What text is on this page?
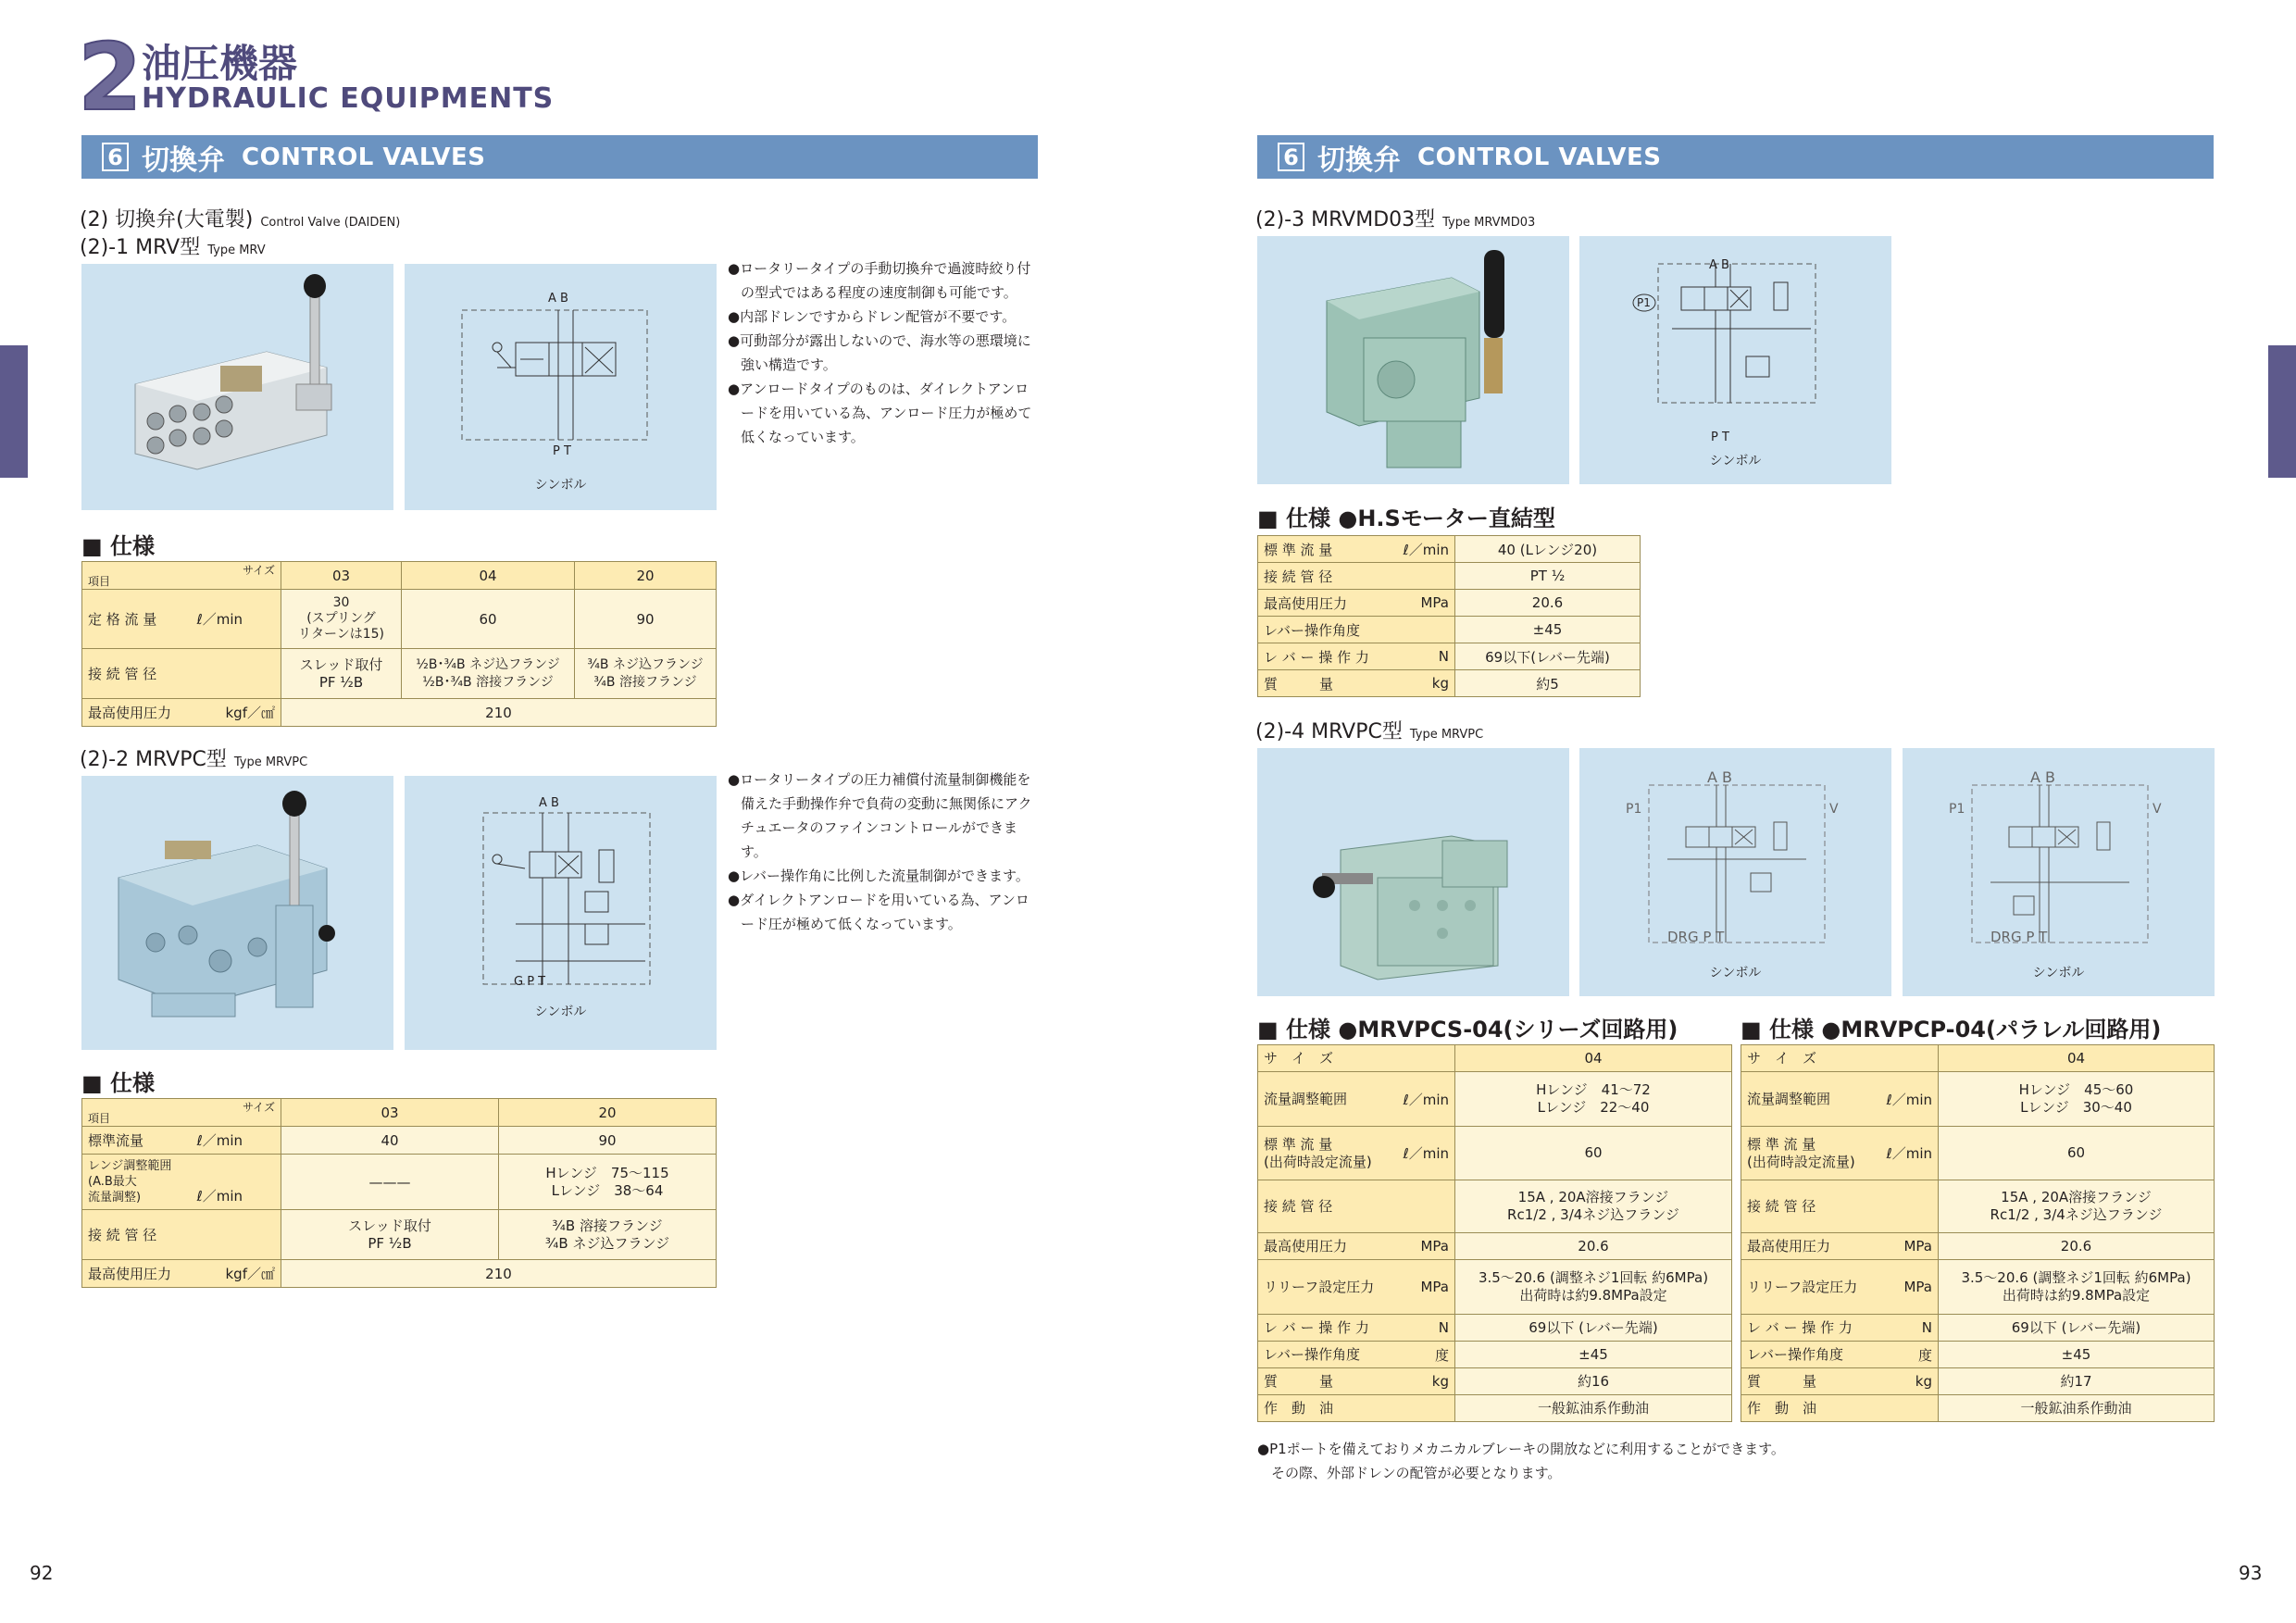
2 油圧機器
HYDRAULIC EQUIPMENTS
6 切換弁 CONTROL VALVES	6 切換弁 CONTROL VALVES
(2) 切換弁(大電製) Control Valve (DAIDEN)
(2)-1 MRV型 Type MRV
A B
P T
シンボル

●ロータリータイプの手動切換弁で過渡時絞り付の型式ではある程度の速度制御も可能です。

●内部ドレンですからドレン配管が不要です。

●可動部分が露出しないので、海水等の悪環境に強い構造です。

●アンロードタイプのものは、ダイレクトアンロードを用いている為、アンロード圧力が極めて低くなっています。

■ 仕様
サイズ
項目	03	04	20

定 格 流 量 ℓ／min	30
(スプリング
リターンは15)	60	90
接 続 管 径	スレッド取付
PF ½B	½B･¾B ネジ込フランジ
½B･¾B 溶接フランジ	¾B ネジ込フランジ
¾B 溶接フランジ

最高使用圧力 kgf／㎠	210		
(2)-2 MRVPC型 Type MRVPC
A B
G P T
シンボル

●ロータリータイプの圧力補償付流量制御機能を備えた手動操作弁で負荷の変動に無関係にアクチュエータのファインコントロールができます。

●レバー操作角に比例した流量制御ができます。

●ダイレクトアンロードを用いている為、アンロード圧が極めて低くなっています。

■ 仕様
サイズ
項目	03	20

標準流量 ℓ／min	40	90

レンジ調整範囲
(A.B最大
流量調整) ℓ／min	———	Hレンジ　75〜115
Lレンジ　38〜64
接 続 管 径	スレッド取付
PF ½B	¾B 溶接フランジ
¾B ネジ込フランジ

最高使用圧力 kgf／㎠	210	
92
(2)-3 MRVMD03型 Type MRVMD03
A B
P1
P T
シンボル
■ 仕様 ●H.Sモーター直結型
標 準 流 量 ℓ／min	40 (Lレンジ20)
接 続 管 径	PT ½

最高使用圧力 MPa	20.6
レバー操作角度	±45

レ バ ー 操 作 力 N	69以下(レバー先端)

質　　　量 kg	約5
(2)-4 MRVPC型 Type MRVPC
A B
P1	V
DRG P T
シンボル
A B
P1	V
DRG P T
シンボル
■ 仕様 ●MRVPCS-04(シリーズ回路用)
サ　イ　ズ	04

流量調整範囲 ℓ／min	Hレンジ　41〜72
Lレンジ　22〜40

標 準 流 量
(出荷時設定流量) ℓ／min	60

接 続 管 径	15A , 20A溶接フランジ
Rc1/2 , 3/4ネジ込フランジ

最高使用圧力 MPa	20.6

リリーフ設定圧力 MPa	3.5〜20.6 (調整ネジ1回転 約6MPa)
出荷時は約9.8MPa設定

レ バ ー 操 作 力 N	69以下 (レバー先端)

レバー操作角度 度	±45

質　　　量 kg	約16

作　動　油	一般鉱油系作動油
■ 仕様 ●MRVPCP-04(パラレル回路用)
サ　イ　ズ	04

流量調整範囲 ℓ／min	Hレンジ　45〜60
Lレンジ　30〜40

標 準 流 量
(出荷時設定流量) ℓ／min	60

接 続 管 径	15A , 20A溶接フランジ
Rc1/2 , 3/4ネジ込フランジ

最高使用圧力 MPa	20.6

リリーフ設定圧力 MPa	3.5〜20.6 (調整ネジ1回転 約6MPa)
出荷時は約9.8MPa設定

レ バ ー 操 作 力 N	69以下 (レバー先端)

レバー操作角度 度	±45

質　　　量 kg	約17

作　動　油	一般鉱油系作動油
●P1ポートを備えておりメカニカルブレーキの開放などに利用することができます。
　その際、外部ドレンの配管が必要となります。
93
